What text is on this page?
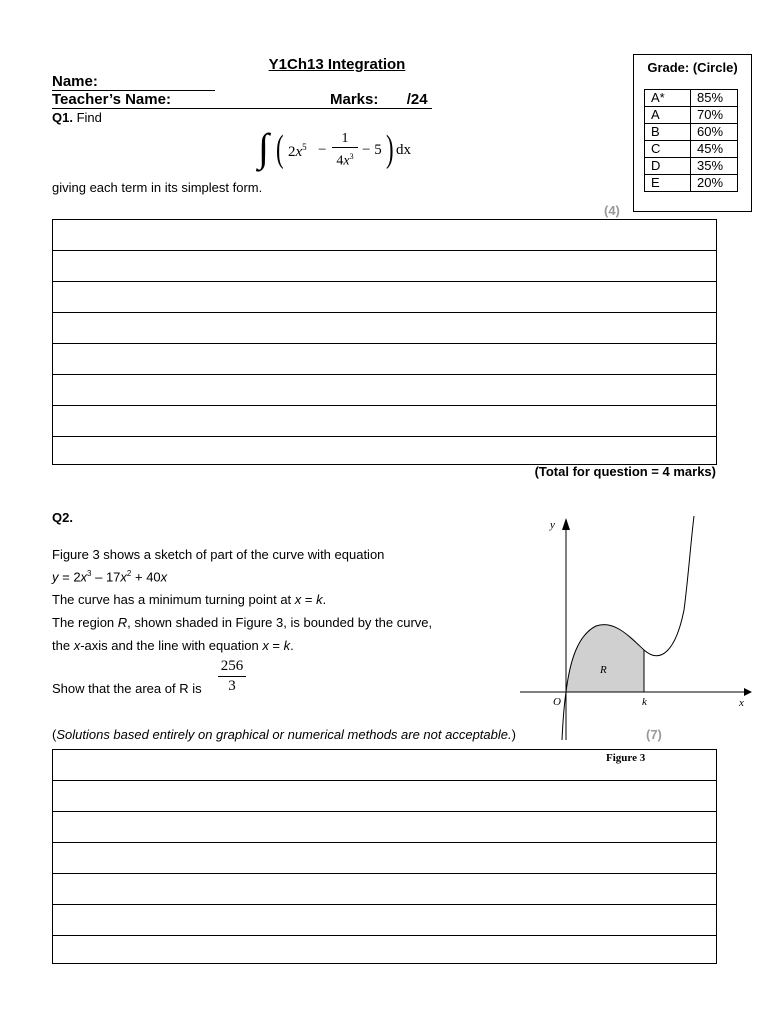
Y1Ch13 Integration
Name:
Teacher’s Name:	Marks: /24
Grade: (Circle)
A*	85%
A	70%
B	60%
C	45%
D	35%
E	20%
Q1. Find
∫ ( $2x^5 - \frac{1}{4x^3} - 5$ ) dx
giving each term in its simplest form.
(4)
(Total for question = 4 marks)
Q2.
Figure 3 shows a sketch of part of the curve with equation
$y = 2x^3 - 17x^2 + 40x$
The curve has a minimum turning point at x = k.
The region R, shown shaded in Figure 3, is bounded by the curve,
the x-axis and the line with equation x = k.
Show that the area of R is $\frac{256}{3}$
(Solutions based entirely on graphical or numerical methods are not acceptable.)	(7)
y
x
O	k
R
Figure 3
